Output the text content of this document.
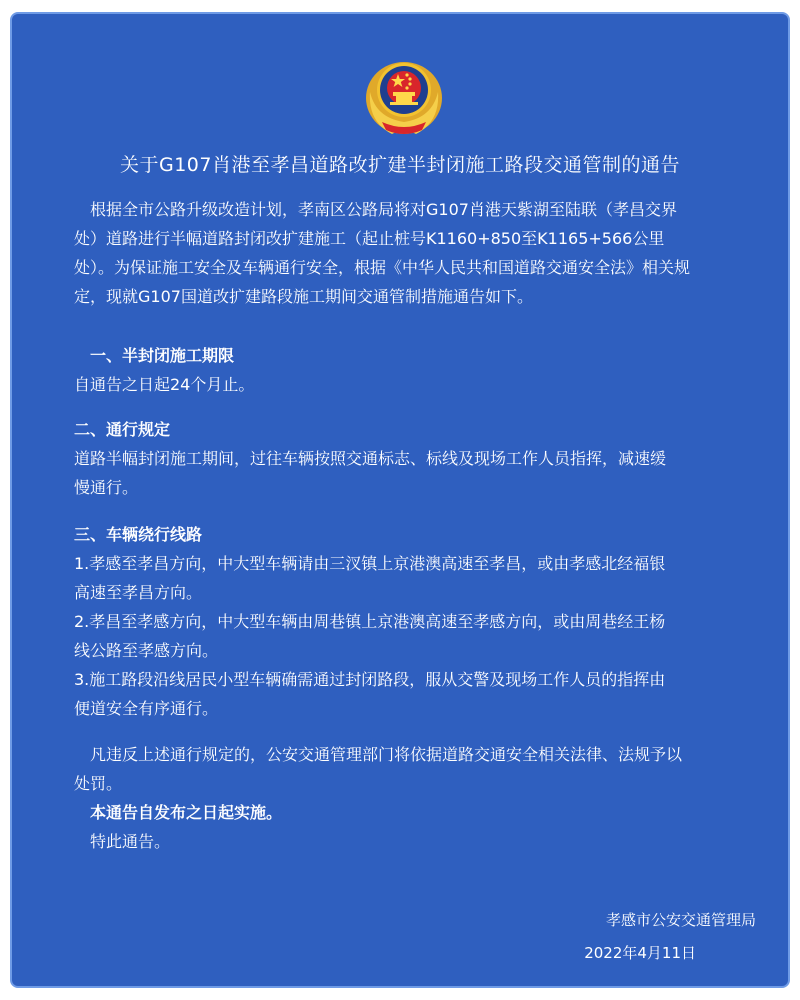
关于G107肖港至孝昌道路改扩建半封闭施工路段交通管制的通告

根据全市公路升级改造计划，孝南区公路局将对G107肖港天紫湖至陆联（孝昌交界

处）道路进行半幅道路封闭改扩建施工（起止桩号K1160+850至K1165+566公里

处）。为保证施工安全及车辆通行安全，根据《中华人民共和国道路交通安全法》相关规

定，现就G107国道改扩建路段施工期间交通管制措施通告如下。

一、半封闭施工期限

自通告之日起24个月止。

二、通行规定

道路半幅封闭施工期间，过往车辆按照交通标志、标线及现场工作人员指挥，减速缓

慢通行。

三、车辆绕行线路

1.孝感至孝昌方向，中大型车辆请由三汊镇上京港澳高速至孝昌，或由孝感北经福银

高速至孝昌方向。

2.孝昌至孝感方向，中大型车辆由周巷镇上京港澳高速至孝感方向，或由周巷经王杨

线公路至孝感方向。

3.施工路段沿线居民小型车辆确需通过封闭路段，服从交警及现场工作人员的指挥由

便道安全有序通行。

凡违反上述通行规定的，公安交通管理部门将依据道路交通安全相关法律、法规予以

处罚。

本通告自发布之日起实施。

特此通告。

孝感市公安交通管理局
2022年4月11日
